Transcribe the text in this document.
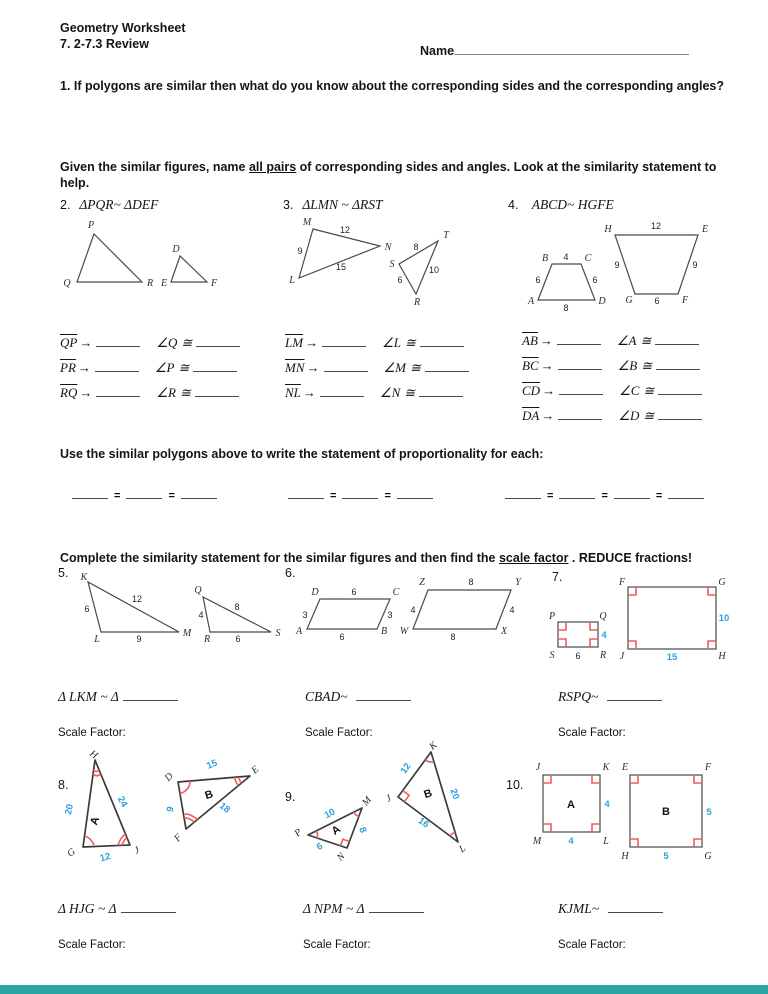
Geometry Worksheet
7. 2-7.3 Review	Name
1. If polygons are similar then what do you know about the corresponding sides and the corresponding angles?
Given the similar figures, name all pairs of corresponding sides and angles. Look at the similarity statement to help.
2. ΔPQR~ ΔDEF	3. ΔLMN ~ ΔRST	4. ABCD~ HGFE
P
Q	R
D
E	F
M
N
L
12
9
15
T
S
R
8
10
6
A
B	C
D
4
6	6
8
H	E
G	F
12
9	9
6
$\overline{QP}$ →	∠Q ≅
$\overline{PR}$ →	∠P ≅
$\overline{RQ}$ →	∠R ≅
$\overline{LM}$ →	∠L ≅
$\overline{MN}$ →	∠M ≅
$\overline{NL}$ →	∠N ≅
$\overline{AB}$ →	∠A ≅
$\overline{BC}$ →	∠B ≅
$\overline{CD}$ →	∠C ≅
$\overline{DA}$ →	∠D ≅
Use the similar polygons above to write the statement of proportionality for each:
=	=	=	=	=	=	=
Complete the similarity statement for the similar figures and then find the scale factor . REDUCE fractions!
5.	6.	7.
K
L
M
12
6
9
Q
R
S
8
4
6
D	C
A	B
6
3	3
6
Z	Y
W	X
8
4	4
8
P	Q
S	R
4
6
F	G
J	H
10
15
Δ LKM ~ Δ	CBAD~	RSPQ~
Scale Factor:	Scale Factor:	Scale Factor:
8.
9.
10.
H
G	J
20
24
12
A
D
E
F
15
9	18
B
P
M
N
10
8
6
A
K
J
L
12
20
16
B
J	K
M	L
4
4
A
E	F
H	G
5
5
B
Δ HJG ~ Δ	Δ NPM ~ Δ	KJML~
Scale Factor:	Scale Factor:	Scale Factor:
